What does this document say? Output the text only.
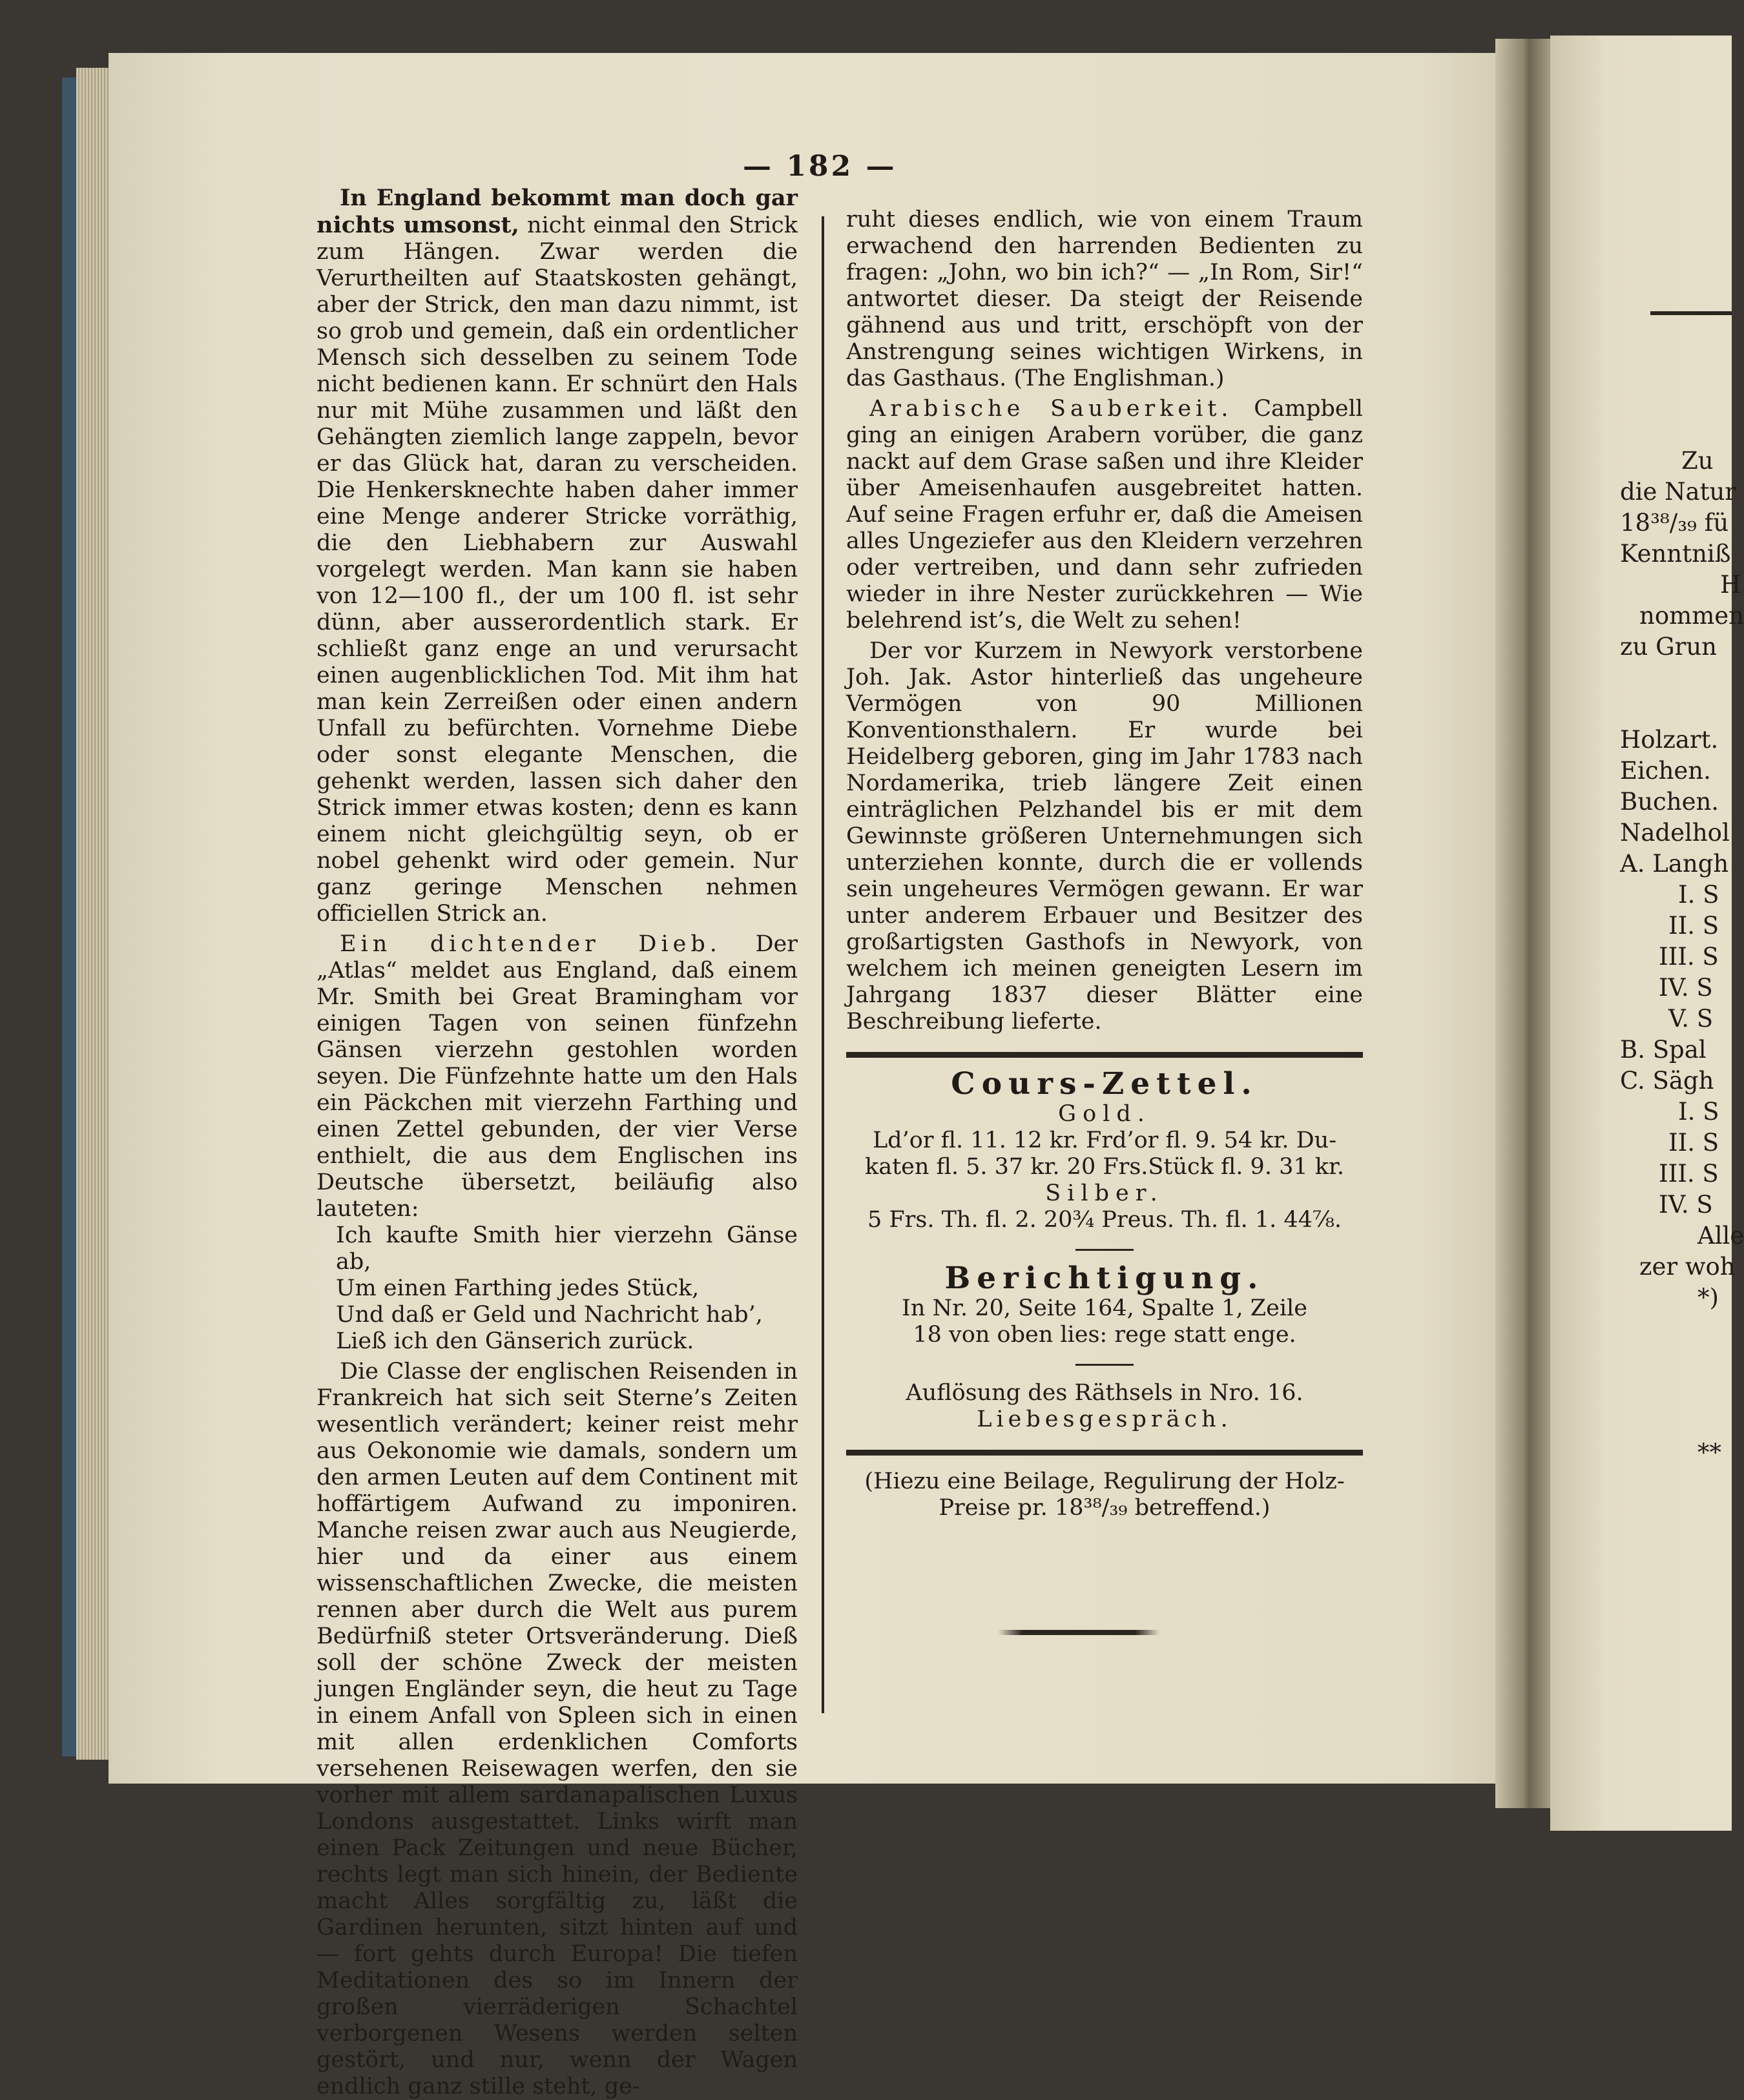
— 182 —

In England bekommt man doch gar nichts umsonst, nicht einmal den Strick zum Hängen. Zwar werden die Verurtheilten auf Staatskosten gehängt, aber der Strick, den man dazu nimmt, ist so grob und gemein, daß ein ordentlicher Mensch sich desselben zu seinem Tode nicht bedienen kann. Er schnürt den Hals nur mit Mühe zusammen und läßt den Gehängten ziemlich lange zappeln, bevor er das Glück hat, daran zu verscheiden. Die Henkersknechte haben daher immer eine Menge anderer Stricke vorräthig, die den Liebhabern zur Auswahl vorgelegt werden. Man kann sie haben von 12—100 fl., der um 100 fl. ist sehr dünn, aber ausserordentlich stark. Er schließt ganz enge an und verursacht einen augenblicklichen Tod. Mit ihm hat man kein Zerreißen oder einen andern Unfall zu befürchten. Vornehme Diebe oder sonst elegante Menschen, die gehenkt werden, lassen sich daher den Strick immer etwas kosten; denn es kann einem nicht gleichgültig seyn, ob er nobel gehenkt wird oder gemein. Nur ganz geringe Menschen nehmen officiellen Strick an.

Ein dichtender Dieb. Der „Atlas“ meldet aus England, daß einem Mr. Smith bei Great Bramingham vor einigen Tagen von seinen fünfzehn Gänsen vierzehn gestohlen worden seyen. Die Fünfzehnte hatte um den Hals ein Päckchen mit vierzehn Farthing und einen Zettel gebunden, der vier Verse enthielt, die aus dem Englischen ins Deutsche übersetzt, beiläufig also lauteten:

Ich kaufte Smith hier vierzehn Gänse ab,
Um einen Farthing jedes Stück,
Und daß er Geld und Nachricht hab’,
Ließ ich den Gänserich zurück.

Die Classe der englischen Reisenden in Frankreich hat sich seit Sterne’s Zeiten wesentlich verändert; keiner reist mehr aus Oekonomie wie damals, sondern um den armen Leuten auf dem Continent mit hoffärtigem Aufwand zu imponiren. Manche reisen zwar auch aus Neugierde, hier und da einer aus einem wissenschaftlichen Zwecke, die meisten rennen aber durch die Welt aus purem Bedürfniß steter Ortsveränderung. Dieß soll der schöne Zweck der meisten jungen Engländer seyn, die heut zu Tage in einem Anfall von Spleen sich in einen mit allen erdenklichen Comforts versehenen Reisewagen werfen, den sie vorher mit allem sardanapalischen Luxus Londons ausgestattet. Links wirft man einen Pack Zeitungen und neue Bücher, rechts legt man sich hinein, der Bediente macht Alles sorgfältig zu, läßt die Gardinen herunten, sitzt hinten auf und — fort gehts durch Europa! Die tiefen Meditationen des so im Innern der großen vierräderigen Schachtel verborgenen Wesens werden selten gestört, und nur, wenn der Wagen endlich ganz stille steht, ge-

ruht dieses endlich, wie von einem Traum erwachend den harrenden Bedienten zu fragen: „John, wo bin ich?“ — „In Rom, Sir!“ antwortet dieser. Da steigt der Reisende gähnend aus und tritt, erschöpft von der Anstrengung seines wichtigen Wirkens, in das Gasthaus. (The Englishman.)

Arabische Sauberkeit. Campbell ging an einigen Arabern vorüber, die ganz nackt auf dem Grase saßen und ihre Kleider über Ameisenhaufen ausgebreitet hatten. Auf seine Fragen erfuhr er, daß die Ameisen alles Ungeziefer aus den Kleidern verzehren oder vertreiben, und dann sehr zufrieden wieder in ihre Nester zurückkehren — Wie belehrend ist’s, die Welt zu sehen!

Der vor Kurzem in Newyork verstorbene Joh. Jak. Astor hinterließ das ungeheure Vermögen von 90 Millionen Konventionsthalern. Er wurde bei Heidelberg geboren, ging im Jahr 1783 nach Nordamerika, trieb längere Zeit einen einträglichen Pelzhandel bis er mit dem Gewinnste größeren Unternehmungen sich unterziehen konnte, durch die er vollends sein ungeheures Vermögen gewann. Er war unter anderem Erbauer und Besitzer des großartigsten Gasthofs in Newyork, von welchem ich meinen geneigten Lesern im Jahrgang 1837 dieser Blätter eine Beschreibung lieferte.

Cours-Zettel.
Gold.
Ld’or fl. 11. 12 kr. Frd’or fl. 9. 54 kr. Du-
katen fl. 5. 37 kr. 20 Frs.Stück fl. 9. 31 kr.
Silber.
5 Frs. Th. fl. 2. 20¾ Preus. Th. fl. 1. 44⅞.
Berichtigung.
In Nr. 20, Seite 164, Spalte 1, Zeile
18 von oben lies: rege statt enge.
Auflösung des Räthsels in Nro. 16.
Liebesgespräch.
(Hiezu eine Beilage, Regulirung der Holz-
Preise pr. 18³⁸/₃₉ betreffend.)
Zu
die Natur
18³⁸/₃₉ fü
Kenntniß
H
nommen
zu Grun
Holzart.
Eichen.
Buchen.
Nadelhol
A. Langh
I. S
II. S
III. S
IV. S
V. S
B. Spal
C. Sägh
I. S
II. S
III. S
IV. S
Alle
zer woh
*)
**
